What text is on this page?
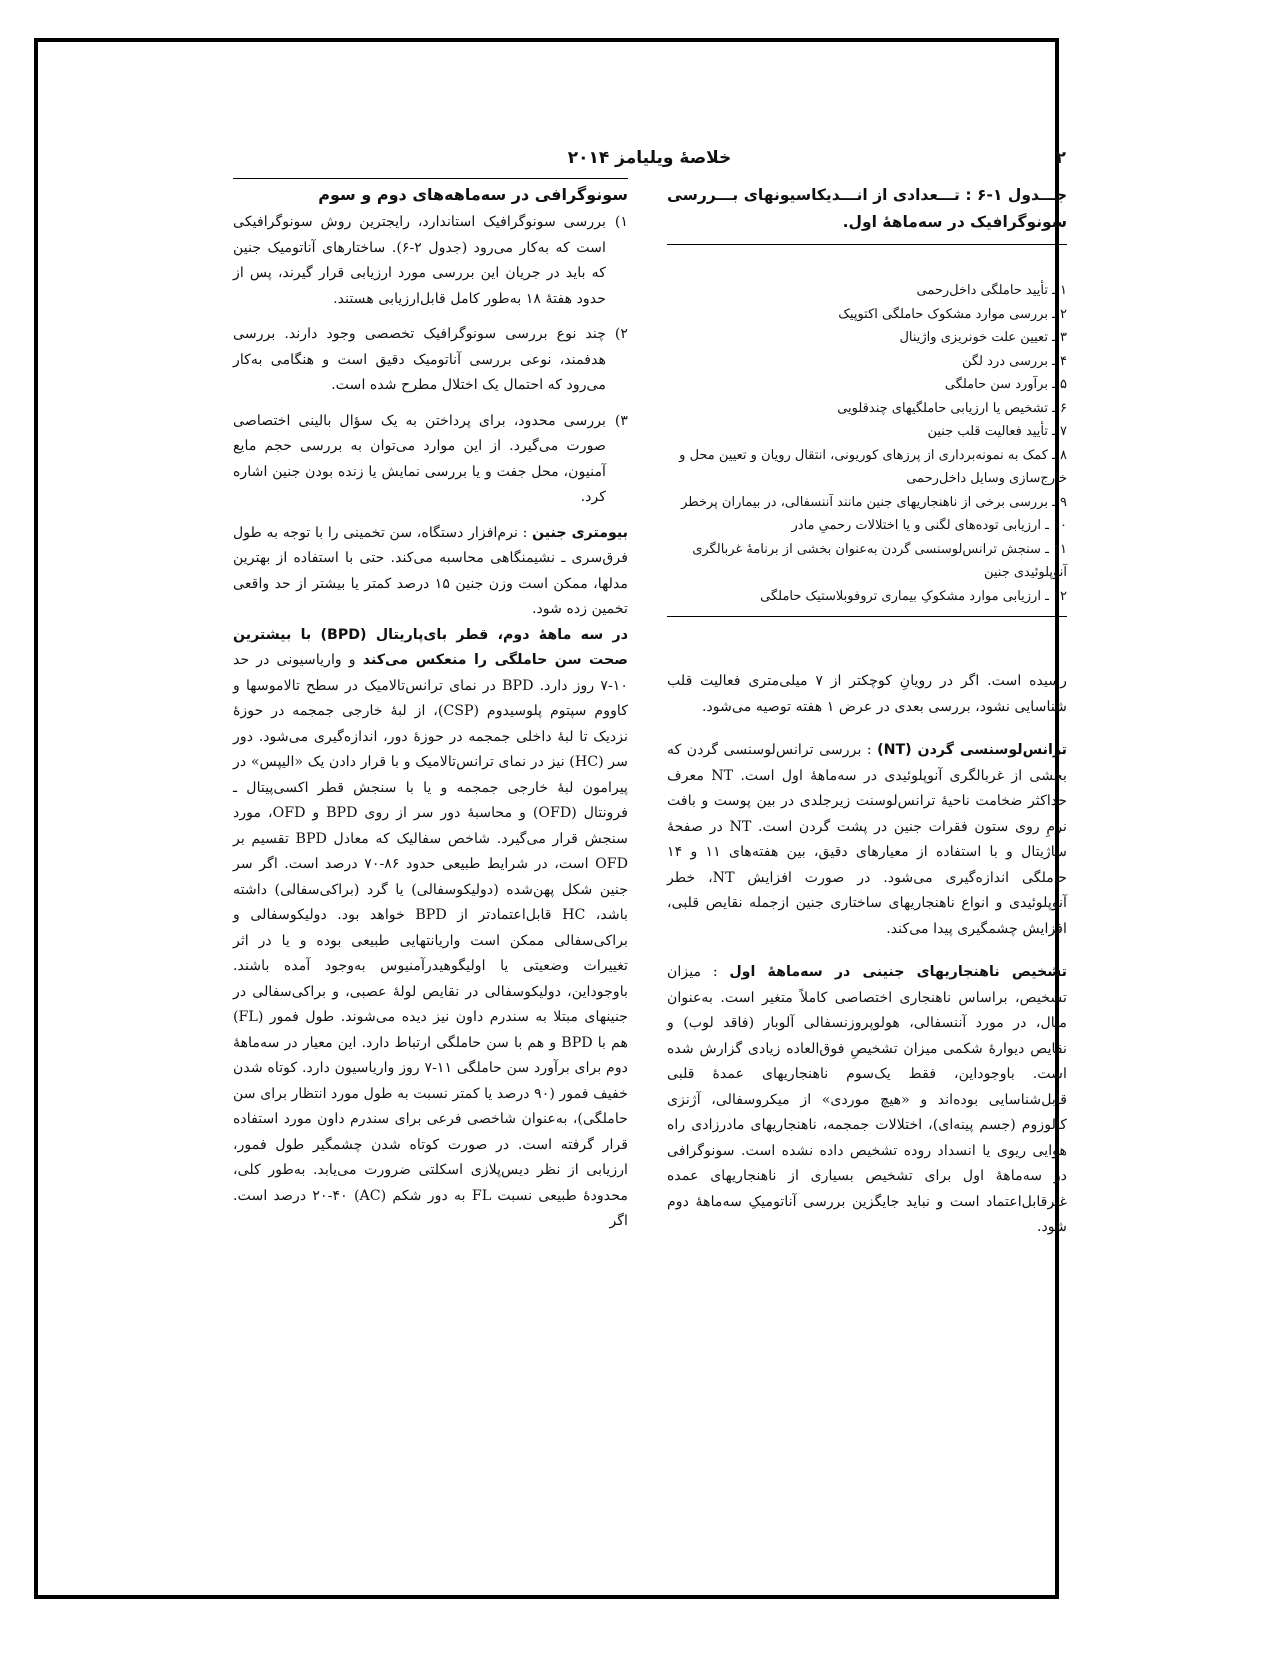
۲
خلاصۀ ویلیامز ۲۰۱۴
جـــدول ۱-۶ : تـــعدادی از انـــدیکاسیونهای بـــررسی سونوگرافیک در سه‌ماهۀ اول.
۱ ـ تأیید حاملگی داخل‌رحمی
۲ ـ بررسی موارد مشکوک حاملگی اکتوپیک
۳ ـ تعیین علت خونریزی واژینال
۴ ـ بررسی درد لگن
۵ ـ برآورد سن حاملگی
۶ ـ تشخیص یا ارزیابی حاملگیهای چندقلویی
۷ ـ تأیید فعالیت قلب جنین
۸ ـ کمک به نمونه‌برداری از پرزهای کوریونی، انتقال رویان و تعیین محل و خارج‌سازی وسایل داخل‌رحمی
۹ ـ بررسی برخی از ناهنجاریهای جنین مانند آننسفالی، در بیماران پرخطر
۱۰ ـ ارزیابی توده‌های لگنی و یا اختلالات رحمیِ مادر
۱۱ ـ سنجش ترانس‌لوسنسی گردن به‌عنوان بخشی از برنامۀ غربالگری آنوپلوئیدی جنین
۱۲ ـ ارزیابی موارد مشکوکِ بیماری تروفوبلاستیک حاملگی

رسیده است. اگر در رویانِ کوچکتر از ۷ میلی‌متری فعالیت قلب شناسایی نشود، بررسی بعدی در عرض ۱ هفته توصیه می‌شود.

ترانس‌لوسنسی گردن (NT) : بررسی ترانس‌لوسنسی گردن که بخشی از غربالگری آنوپلوئیدی در سه‌ماهۀ اول است. NT معرف حداکثر ضخامت ناحیۀ ترانس‌لوسنت زیرجلدی در بین پوست و بافت نرمِ روی ستون فقرات جنین در پشت گردن است. NT در صفحۀ ساژیتال و با استفاده از معیارهای دقیق، بین هفته‌های ۱۱ و ۱۴ حاملگی اندازه‌گیری می‌شود. در صورت افزایش NT، خطر آنوپلوئیدی و انواع ناهنجاریهای ساختاری جنین ازجمله نقایص قلبی، افزایش چشمگیری پیدا می‌کند.

تشخیص ناهنجاریهای جنینی در سه‌ماهۀ اول : میزان تشخیص، براساس ناهنجاری اختصاصی کاملاً متغیر است. به‌عنوان مثال، در مورد آننسفالی، هولوپروزنسفالی آلوبار (فاقد لوب) و نقایص دیوارۀ شکمی میزان تشخیصِ فوق‌العاده زیادی گزارش شده است. باوجوداین، فقط یک‌سوم ناهنجاریهای عمدۀ قلبی قابل‌شناسایی بوده‌اند و «هیچ موردی» از میکروسفالی، آژنزی کالوزوم (جسم پینه‌ای)، اختلالات جمجمه، ناهنجاریهای مادرزادی راه هوایی ریوی یا انسداد روده تشخیص داده نشده است. سونوگرافی در سه‌ماهۀ اول برای تشخیص بسیاری از ناهنجاریهای عمده غیرقابل‌اعتماد است و نباید جایگزین بررسی آناتومیکِ سه‌ماهۀ دوم شود.

سونوگرافی در سه‌ماهه‌های دوم و سوم

۱)بررسی سونوگرافیک استاندارد، رایجترین روش سونوگرافیکی است که به‌کار می‌رود (جدول ۲-۶). ساختارهای آناتومیک جنین که باید در جریان این بررسی مورد ارزیابی قرار گیرند، پس از حدود هفتۀ ۱۸ به‌طور کامل قابل‌ارزیابی هستند.

۲)چند نوع بررسی سونوگرافیک تخصصی وجود دارند. بررسی هدفمند، نوعی بررسی آناتومیک دقیق است و هنگامی به‌کار می‌رود که احتمال یک اختلال مطرح شده است.

۳)بررسی محدود، برای پرداختن به یک سؤال بالینی اختصاصی صورت می‌گیرد. از این موارد می‌توان به بررسی حجم مایع آمنیون، محل جفت و یا بررسی نمایش یا زنده بودن جنین اشاره کرد.

بیومتری جنین : نرم‌افزار دستگاه، سن تخمینی را با توجه به طول فرق‌سری ـ نشیمنگاهی محاسبه می‌کند. حتی با استفاده از بهترین مدلها، ممکن است وزن جنین ۱۵ درصد کمتر یا بیشتر از حد واقعی تخمین زده شود.

در سه ماهۀ دوم، قطر بای‌پاریتال (BPD) با بیشترین صحت سن حاملگی را منعکس می‌کند و واریاسیونی در حد ۱۰-۷ روز دارد. BPD در نمای ترانس‌تالامیک در سطح تالاموسها و کاووم سپتوم پلوسیدوم (CSP)، از لبۀ خارجی جمجمه در حوزۀ نزدیک تا لبۀ داخلی جمجمه در حوزۀ دور، اندازه‌گیری می‌شود. دور سر (HC) نیز در نمای ترانس‌تالامیک و با قرار دادن یک «الیپس» در پیرامون لبۀ خارجی جمجمه و یا با سنجش قطر اکسی‌پیتال ـ فرونتال (OFD) و محاسبۀ دور سر از روی BPD و OFD، مورد سنجش قرار می‌گیرد. شاخص سفالیک که معادل BPD تقسیم بر OFD است، در شرایط طبیعی حدود ۸۶-۷۰ درصد است. اگر سر جنین شکل پهن‌شده (دولیکوسفالی) یا گرد (براکی‌سفالی) داشته باشد، HC قابل‌اعتمادتر از BPD خواهد بود. دولیکوسفالی و براکی‌سفالی ممکن است واریانتهایی طبیعی بوده و یا در اثر تغییرات وضعیتی یا اولیگوهیدرآمنیوس به‌وجود آمده باشند. باوجوداین، دولیکوسفالی در نقایص لولۀ عصبی، و براکی‌سفالی در جنینهای مبتلا به سندرم داون نیز دیده می‌شوند. طول فمور (FL) هم با BPD و هم با سن حاملگی ارتباط دارد. این معیار در سه‌ماهۀ دوم برای برآورد سن حاملگی ۱۱-۷ روز واریاسیون دارد. کوتاه شدن خفیف فمور (۹۰ درصد یا کمتر نسبت به طول مورد انتظار برای سن حاملگی)، به‌عنوان شاخصی فرعی برای سندرم داون مورد استفاده قرار گرفته است. در صورت کوتاه شدن چشمگیر طول فمور، ارزیابی از نظر دیس‌پلازی اسکلتی ضرورت می‌یابد. به‌طور کلی، محدودۀ طبیعی نسبت FL به دور شکم (AC) ۲۰-۴۰ درصد است. اگر
